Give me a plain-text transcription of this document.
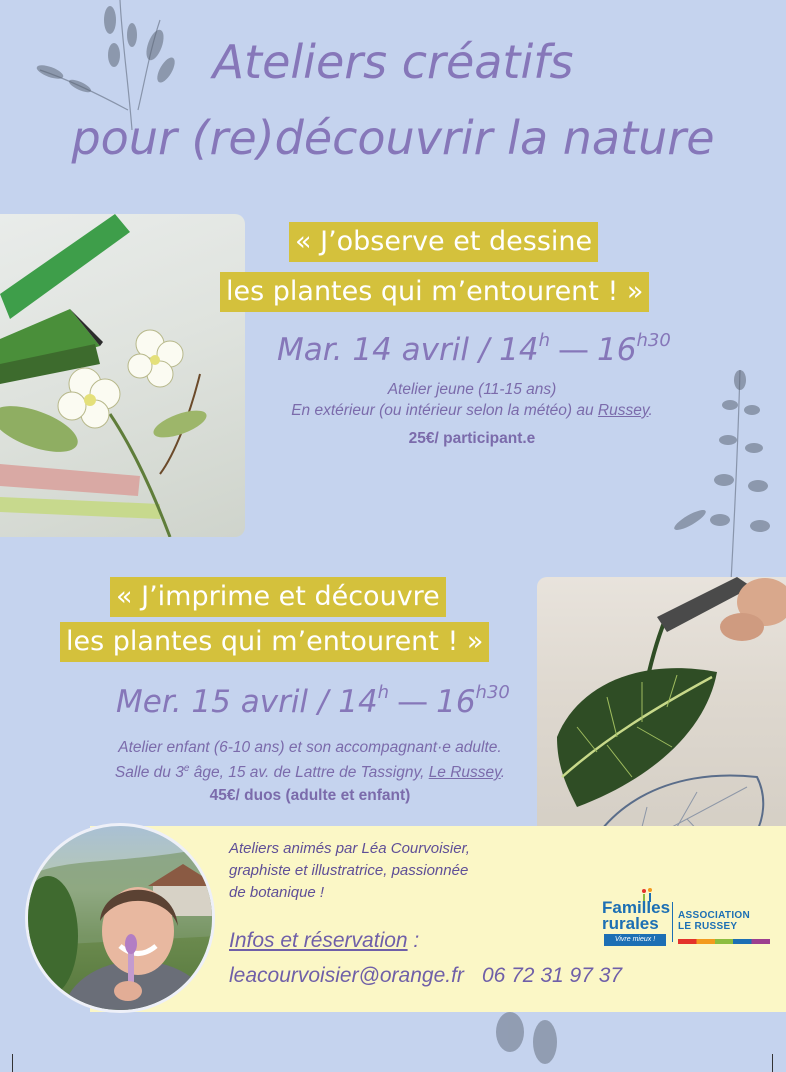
Ateliers créatifs
pour (re)découvrir la nature
« J’observe et dessine
les plantes qui m’entourent ! »
Mar. 14 avril / 14$^h$ — $16^{h30}$
Atelier jeune (11-15 ans)
En extérieur (ou intérieur selon la météo) au Russey.
25€/ participant.e
« J’imprime et découvre
les plantes qui m’entourent ! »
Mer. 15 avril / 14$^h$ — $16^{h30}$
Atelier enfant (6-10 ans) et son accompagnant·e adulte.
Salle du 3e âge, 15 av. de Lattre de Tassigny, Le Russey.
45€/ duos (adulte et enfant)
Ateliers animés par Léa Courvoisier,
graphiste et illustratrice, passionnée
de botanique !
Infos et réservation :
leacourvoisier@orange.fr 06 72 31 97 37
Familles
rurales
Vivre mieux !
ASSOCIATION
LE RUSSEY
